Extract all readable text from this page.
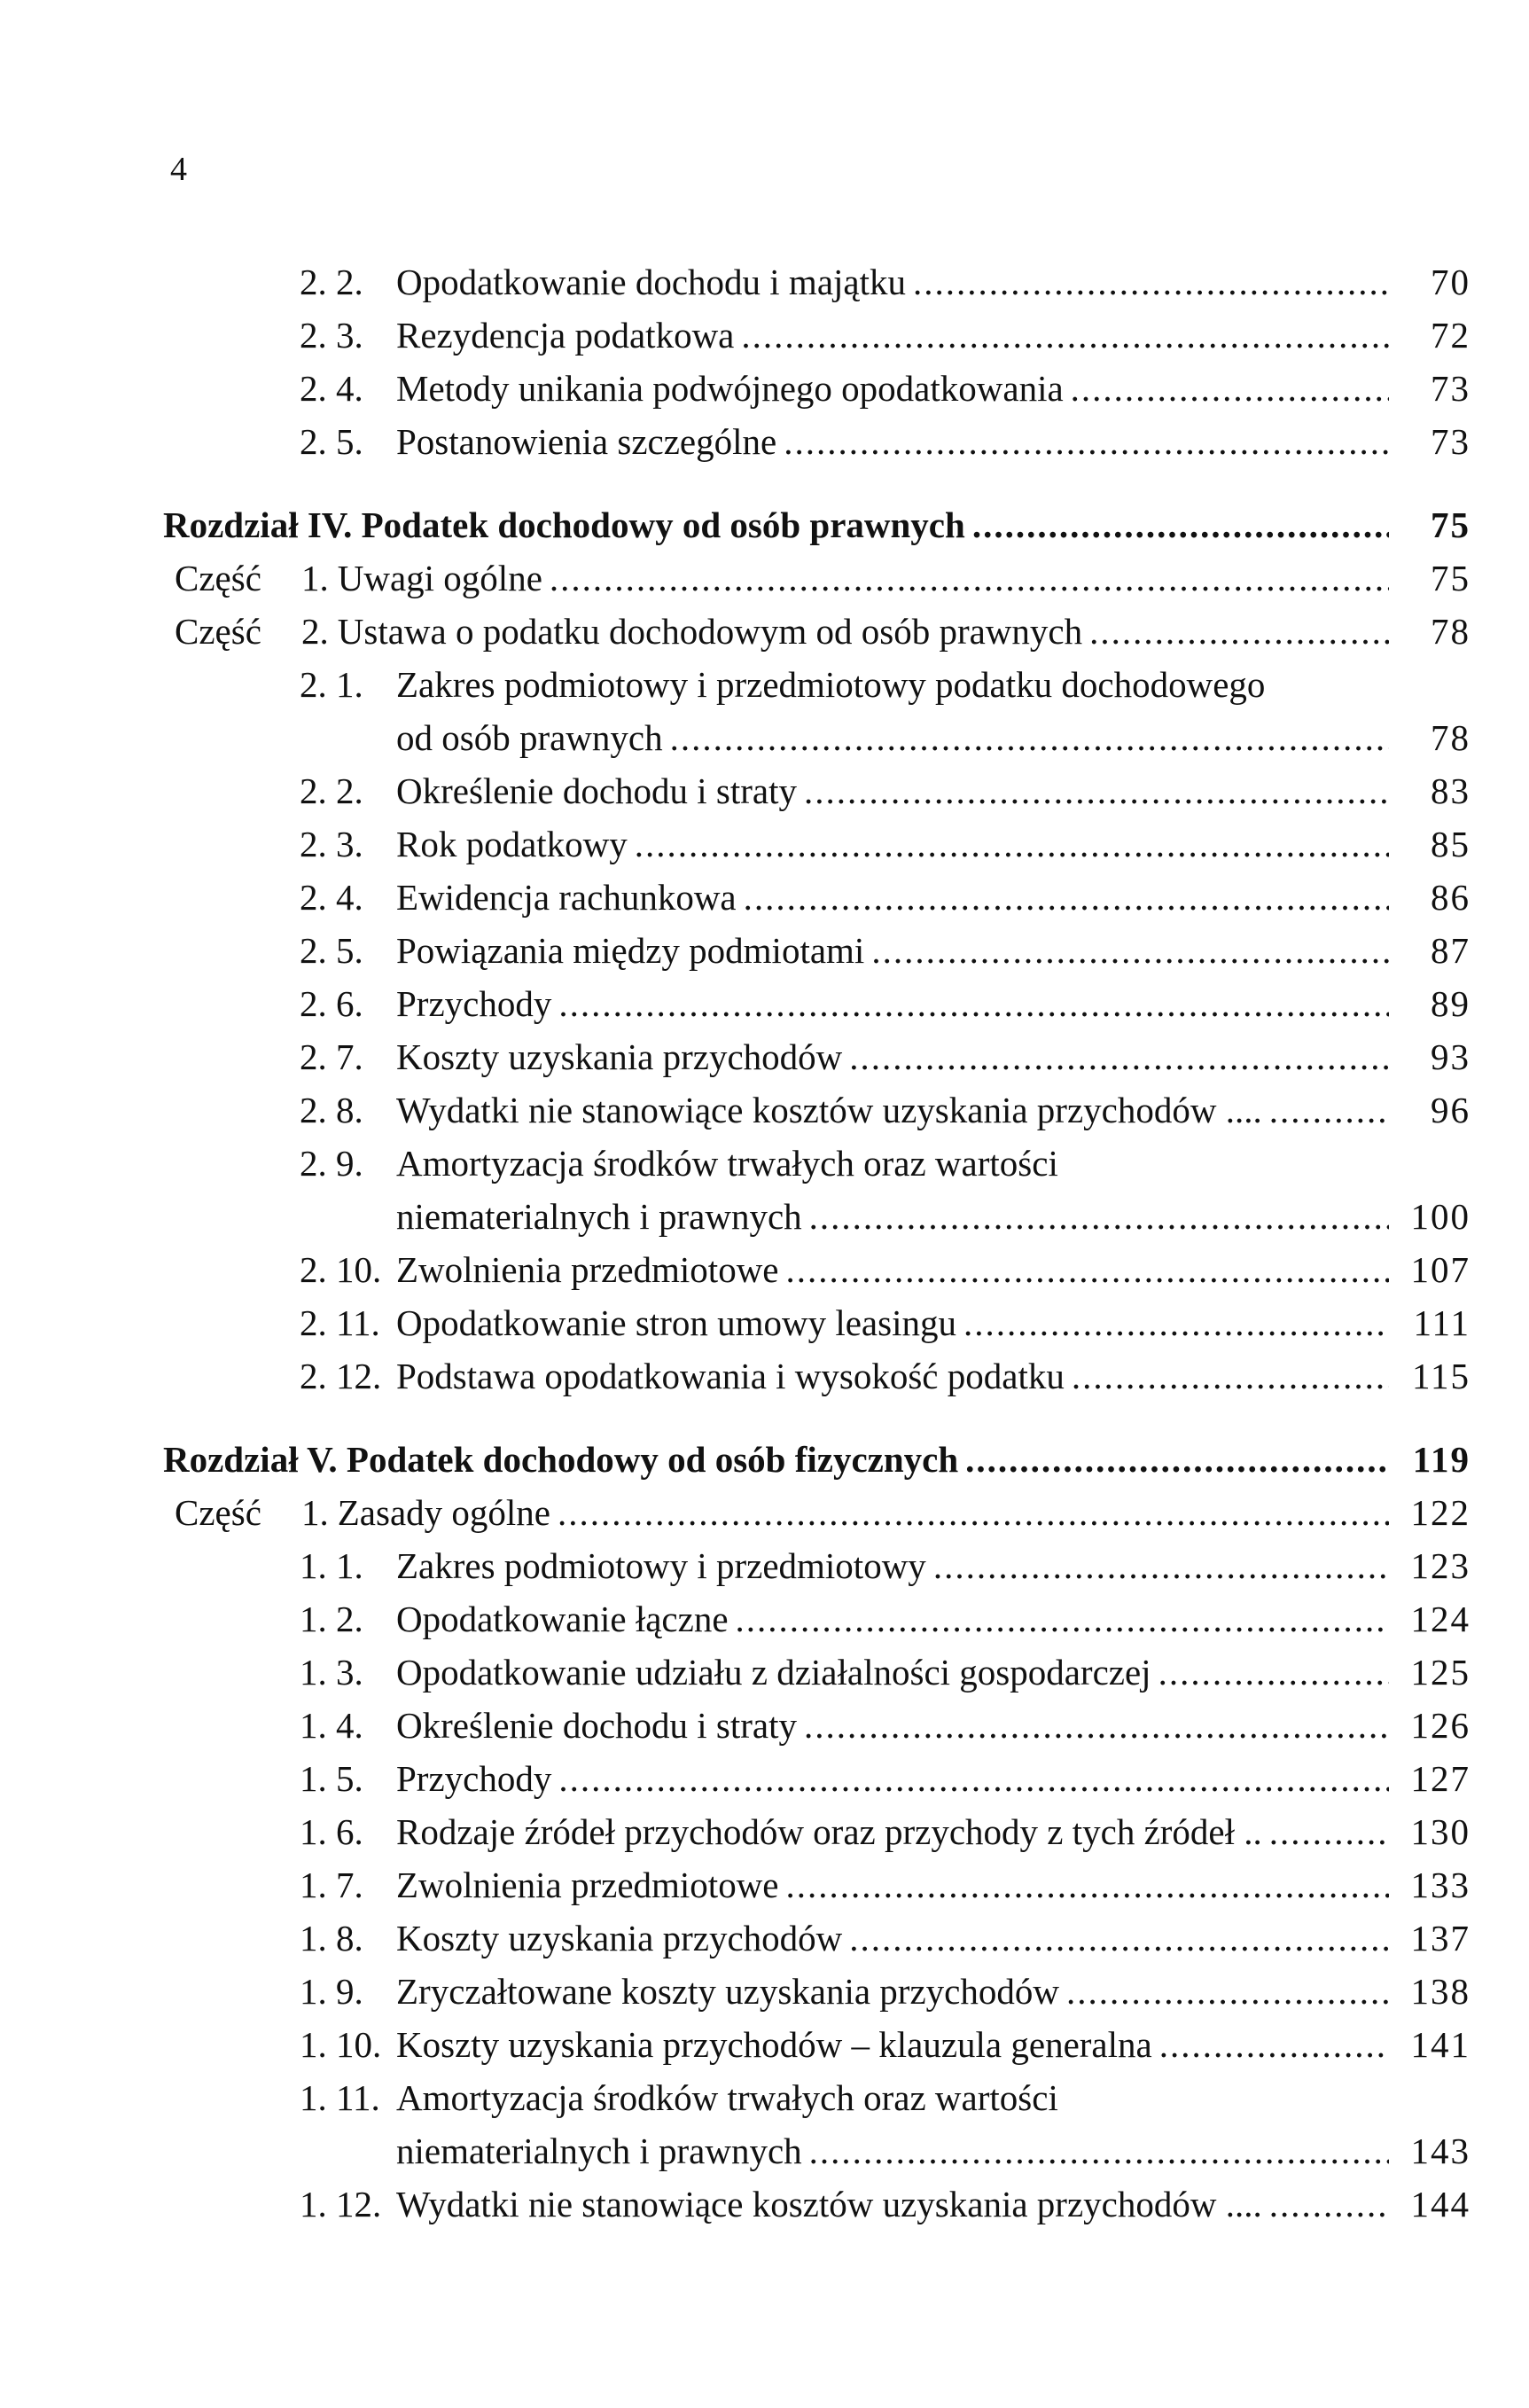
4
2. 2. Opodatkowanie dochodu i majątku	70
.....
2. 3. Rezydencja podatkowa	72
.....
2. 4. Metody unikania podwójnego opodatkowania	73
.....
2. 5. Postanowienia szczególne	73
.....
Rozdział IV. Podatek dochodowy od osób prawnych	75
.....
Część 1. Uwagi ogólne	75
.....
Część 2. Ustawa o podatku dochodowym od osób prawnych	78
.....
2. 1. Zakres podmiotowy i przedmiotowy podatku dochodowego
od osób prawnych	78
.....
2. 2. Określenie dochodu i straty	83
.....
2. 3. Rok podatkowy	85
.....
2. 4. Ewidencja rachunkowa	86
.....
2. 5. Powiązania między podmiotami	87
.....
2. 6. Przychody	89
.....
2. 7. Koszty uzyskania przychodów	93
.....
2. 8. Wydatki nie stanowiące kosztów uzyskania przychodów ....	96
.....
2. 9. Amortyzacja środków trwałych oraz wartości
niematerialnych i prawnych	100
.....
2. 10. Zwolnienia przedmiotowe	107
.....
2. 11. Opodatkowanie stron umowy leasingu	111
.....
2. 12. Podstawa opodatkowania i wysokość podatku	115
.....
Rozdział V. Podatek dochodowy od osób fizycznych	119
.....
Część 1. Zasady ogólne	122
.....
1. 1. Zakres podmiotowy i przedmiotowy	123
.....
1. 2. Opodatkowanie łączne	124
.....
1. 3. Opodatkowanie udziału z działalności gospodarczej	125
.....
1. 4. Określenie dochodu i straty	126
.....
1. 5. Przychody	127
.....
1. 6. Rodzaje źródeł przychodów oraz przychody z tych źródeł ..	130
.....
1. 7. Zwolnienia przedmiotowe	133
.....
1. 8. Koszty uzyskania przychodów	137
.....
1. 9. Zryczałtowane koszty uzyskania przychodów	138
.....
1. 10. Koszty uzyskania przychodów – klauzula generalna	141
.....
1. 11. Amortyzacja środków trwałych oraz wartości
niematerialnych i prawnych	143
.....
1. 12. Wydatki nie stanowiące kosztów uzyskania przychodów ....	144
.....
